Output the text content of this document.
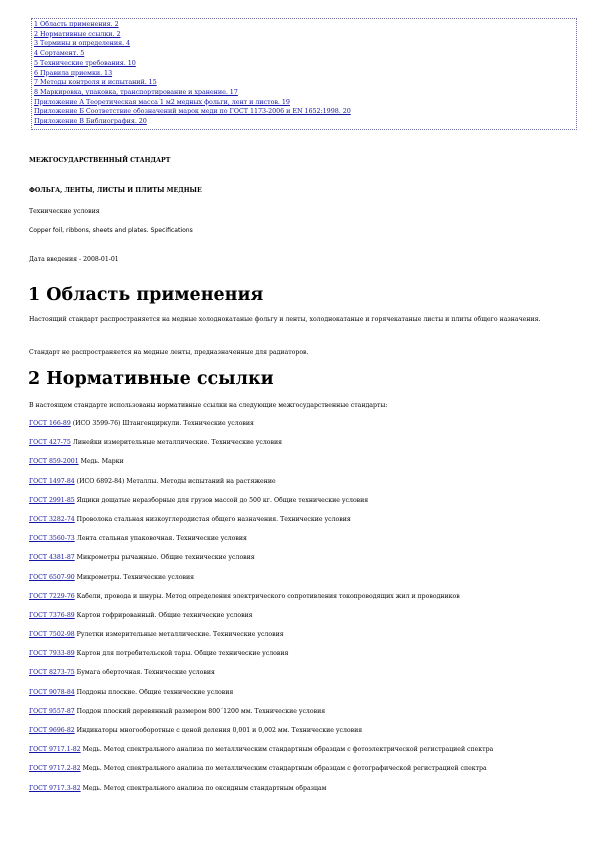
1 Область применения. 2
2 Нормативные ссылки. 2
3 Термины и определения. 4
4 Сортамент. 5
5 Технические требования. 10
6 Правила приемки. 13
7 Методы контроля и испытаний. 15
8 Маркировка, упаковка, транспортирование и хранение. 17
Приложение А Теоретическая масса 1 м2 медных фольги, лент и листов. 19
Приложение Б Соответствие обозначений марок меди по ГОСТ 1173-2006 и EN 1652:1998. 20
Приложение В Библиография. 20
МЕЖГОСУДАРСТВЕННЫЙ СТАНДАРТ
ФОЛЬГА, ЛЕНТЫ, ЛИСТЫ И ПЛИТЫ МЕДНЫЕ
Технические условия
Copper foil, ribbons, sheets and plates. Specifications
Дата введения - 2008-01-01
1 Область применения
Настоящий стандарт распространяется на медные холоднокатаные фольгу и ленты, холоднокатаные и горячекатаные листы и плиты общего назначения.
Стандарт не распространяется на медные ленты, предназначенные для радиаторов.
2 Нормативные ссылки
В настоящем стандарте использованы нормативные ссылки на следующие межгосударственные стандарты:
ГОСТ 166-89 (ИСО 3599-76) Штангенциркули. Технические условия
ГОСТ 427-75 Линейки измерительные металлические. Технические условия
ГОСТ 859-2001 Медь. Марки
ГОСТ 1497-84 (ИСО 6892-84) Металлы. Методы испытаний на растяжение
ГОСТ 2991-85 Ящики дощатые неразборные для грузов массой до 500 кг. Общие технические условия
ГОСТ 3282-74 Проволока стальная низкоуглеродистая общего назначения. Технические условия
ГОСТ 3560-73 Лента стальная упаковочная. Технические условия
ГОСТ 4381-87 Микрометры рычажные. Общие технические условия
ГОСТ 6507-90 Микрометры. Технические условия
ГОСТ 7229-76 Кабели, провода и шнуры. Метод определения электрического сопротивления токопроводящих жил и проводников
ГОСТ 7376-89 Картон гофрированный. Общие технические условия
ГОСТ 7502-98 Рулетки измерительные металлические. Технические условия
ГОСТ 7933-89 Картон для потребительской тары. Общие технические условия
ГОСТ 8273-75 Бумага оберточная. Технические условия
ГОСТ 9078-84 Поддоны плоские. Общие технические условия
ГОСТ 9557-87 Поддон плоский деревянный размером 800´1200 мм. Технические условия
ГОСТ 9696-82 Индикаторы многооборотные с ценой деления 0,001 и 0,002 мм. Технические условия
ГОСТ 9717.1-82 Медь. Метод спектрального анализа по металлическим стандартным образцам с фотоэлектрической регистрацией спектра
ГОСТ 9717.2-82 Медь. Метод спектрального анализа по металлическим стандартным образцам с фотографической регистрацией спектра
ГОСТ 9717.3-82 Медь. Метод спектрального анализа по оксидным стандартным образцам
